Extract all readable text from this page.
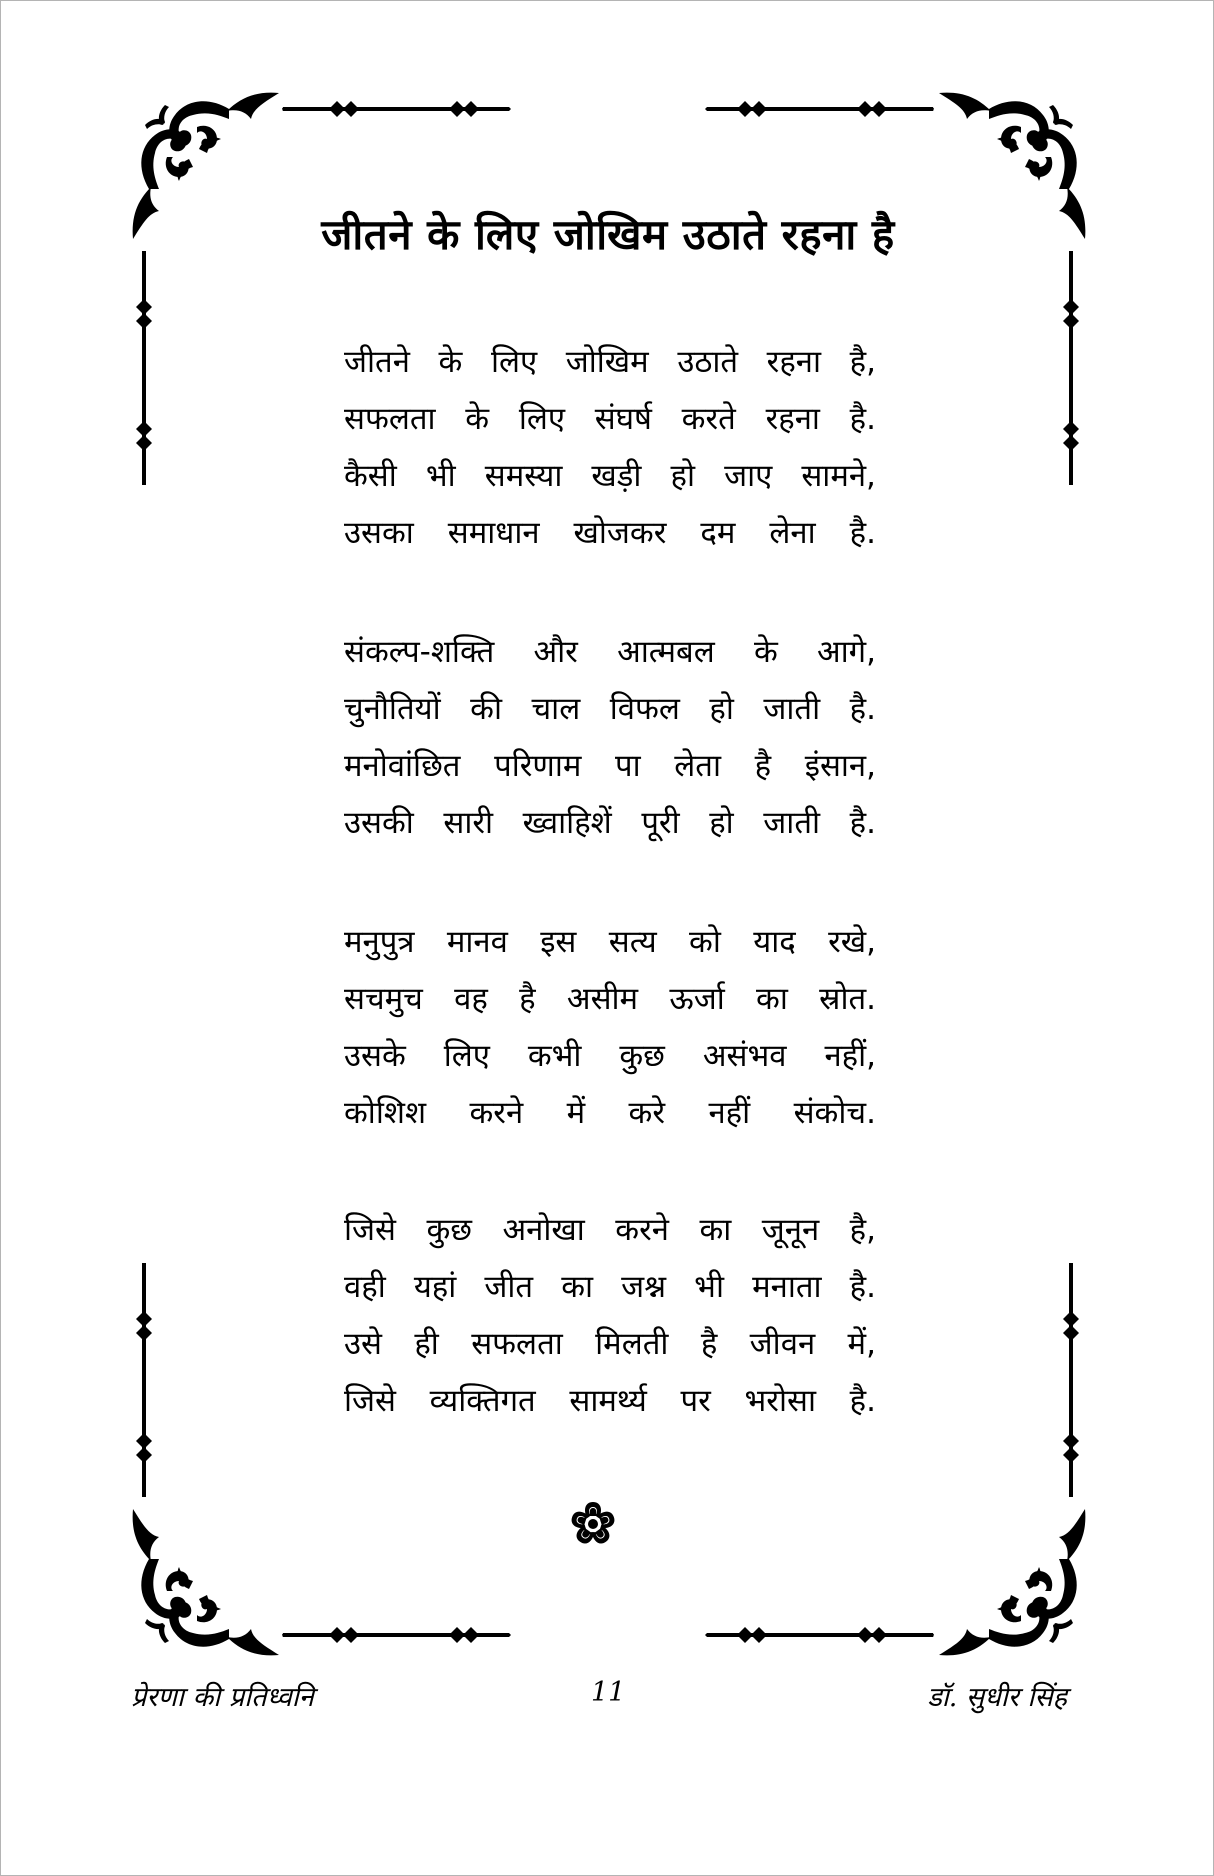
जीतने के लिए जोखिम उठाते रहना है
जीतने के लिए जोखिम उठाते रहना है,
सफलता के लिए संघर्ष करते रहना है.
कैसी भी समस्या खड़ी हो जाए सामने,
उसका समाधान खोजकर दम लेना है.
संकल्प-शक्ति और आत्मबल के आगे,
चुनौतियों की चाल विफल हो जाती है.
मनोवांछित परिणाम पा लेता है इंसान,
उसकी सारी ख्वाहिशें पूरी हो जाती है.
मनुपुत्र मानव इस सत्य को याद रखे,
सचमुच वह है असीम ऊर्जा का स्रोत.
उसके लिए कभी कुछ असंभव नहीं,
कोशिश करने में करे नहीं संकोच.
जिसे कुछ अनोखा करने का जूनून है,
वही यहां जीत का जश्न भी मनाता है.
उसे ही सफलता मिलती है जीवन में,
जिसे व्यक्तिगत सामर्थ्य पर भरोसा है.
प्रेरणा की प्रतिध्वनि	11	डॉ. सुधीर सिंह
